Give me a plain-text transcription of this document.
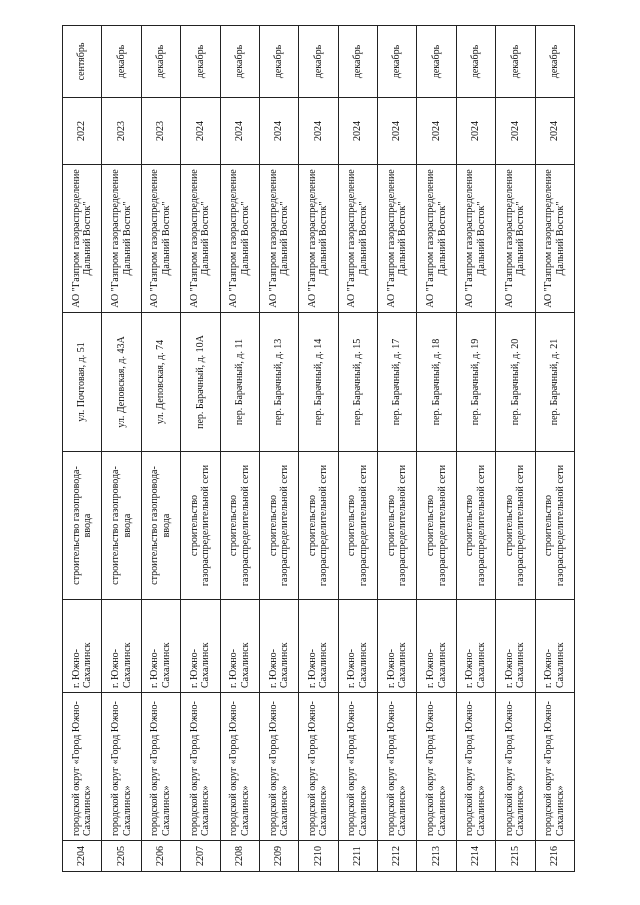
2204	городской округ «Город Южно-Сахалинск»	г. Южно-Сахалинск	строительство газопровода-ввода	ул. Почтовая, д. 51	АО "Газпром газораспределение Дальний Восток"	2022	сентябрь
2205	городской округ «Город Южно-Сахалинск»	г. Южно-Сахалинск	строительство газопровода-ввода	ул. Деповская, д. 43А	АО "Газпром газораспределение Дальний Восток"	2023	декабрь
2206	городской округ «Город Южно-Сахалинск»	г. Южно-Сахалинск	строительство газопровода-ввода	ул. Деповская, д. 74	АО "Газпром газораспределение Дальний Восток"	2023	декабрь
2207	городской округ «Город Южно-Сахалинск»	г. Южно-Сахалинск	строительство газораспределительной сети	пер. Барачный, д. 10А	АО "Газпром газораспределение Дальний Восток"	2024	декабрь
2208	городской округ «Город Южно-Сахалинск»	г. Южно-Сахалинск	строительство газораспределительной сети	пер. Барачный, д. 11	АО "Газпром газораспределение Дальний Восток"	2024	декабрь
2209	городской округ «Город Южно-Сахалинск»	г. Южно-Сахалинск	строительство газораспределительной сети	пер. Барачный, д. 13	АО "Газпром газораспределение Дальний Восток"	2024	декабрь
2210	городской округ «Город Южно-Сахалинск»	г. Южно-Сахалинск	строительство газораспределительной сети	пер. Барачный, д. 14	АО "Газпром газораспределение Дальний Восток"	2024	декабрь
2211	городской округ «Город Южно-Сахалинск»	г. Южно-Сахалинск	строительство газораспределительной сети	пер. Барачный, д. 15	АО "Газпром газораспределение Дальний Восток"	2024	декабрь
2212	городской округ «Город Южно-Сахалинск»	г. Южно-Сахалинск	строительство газораспределительной сети	пер. Барачный, д. 17	АО "Газпром газораспределение Дальний Восток"	2024	декабрь
2213	городской округ «Город Южно-Сахалинск»	г. Южно-Сахалинск	строительство газораспределительной сети	пер. Барачный, д. 18	АО "Газпром газораспределение Дальний Восток"	2024	декабрь
2214	городской округ «Город Южно-Сахалинск»	г. Южно-Сахалинск	строительство газораспределительной сети	пер. Барачный, д. 19	АО "Газпром газораспределение Дальний Восток"	2024	декабрь
2215	городской округ «Город Южно-Сахалинск»	г. Южно-Сахалинск	строительство газораспределительной сети	пер. Барачный, д. 20	АО "Газпром газораспределение Дальний Восток"	2024	декабрь
2216	городской округ «Город Южно-Сахалинск»	г. Южно-Сахалинск	строительство газораспределительной сети	пер. Барачный, д. 21	АО "Газпром газораспределение Дальний Восток"	2024	декабрь
